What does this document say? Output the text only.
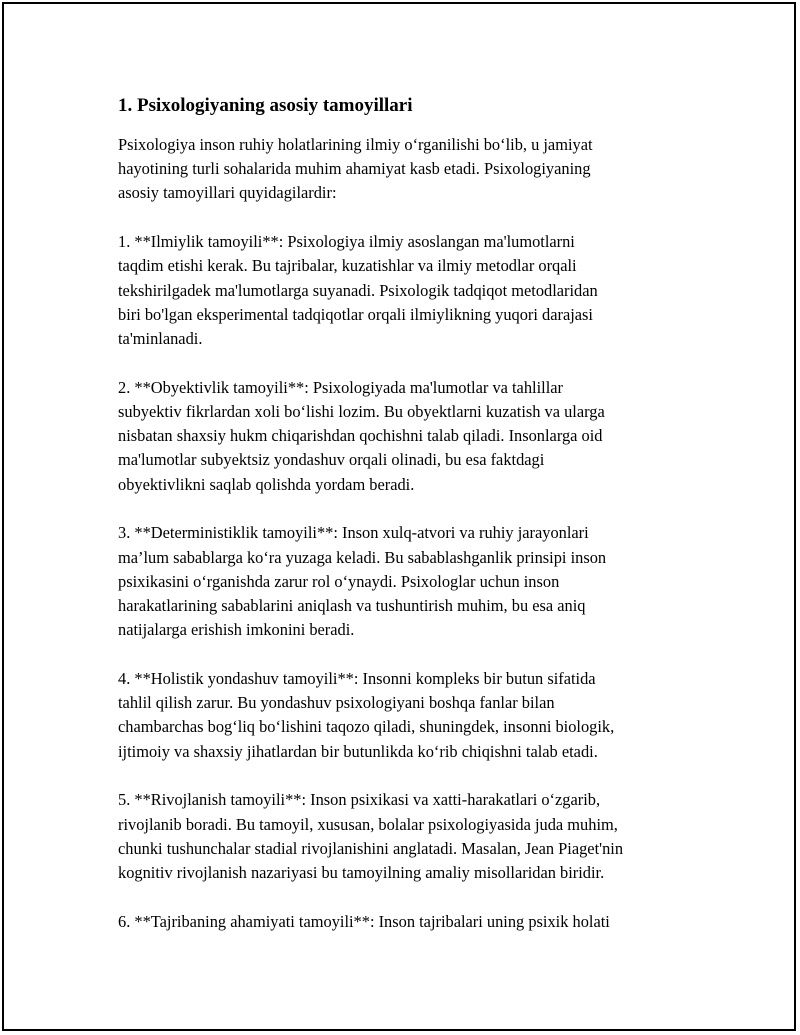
1. Psixologiyaning asosiy tamoyillari

Psixologiya inson ruhiy holatlarining ilmiy oʻrganilishi boʻlib, u jamiyat
hayotining turli sohalarida muhim ahamiyat kasb etadi. Psixologiyaning
asosiy tamoyillari quyidagilardir:

1. **Ilmiylik tamoyili**: Psixologiya ilmiy asoslangan ma'lumotlarni
taqdim etishi kerak. Bu tajribalar, kuzatishlar va ilmiy metodlar orqali
tekshirilgadek ma'lumotlarga suyanadi. Psixologik tadqiqot metodlaridan
biri bo'lgan eksperimental tadqiqotlar orqali ilmiylikning yuqori darajasi
ta'minlanadi.

2. **Obyektivlik tamoyili**: Psixologiyada ma'lumotlar va tahlillar
subyektiv fikrlardan xoli boʻlishi lozim. Bu obyektlarni kuzatish va ularga
nisbatan shaxsiy hukm chiqarishdan qochishni talab qiladi. Insonlarga oid
ma'lumotlar subyektsiz yondashuv orqali olinadi, bu esa faktdagi
obyektivlikni saqlab qolishda yordam beradi.

3. **Deterministiklik tamoyili**: Inson xulq-atvori va ruhiy jarayonlari
ma’lum sabablarga koʻra yuzaga keladi. Bu sabablashganlik prinsipi inson
psixikasini oʻrganishda zarur rol oʻynaydi. Psixologlar uchun inson
harakatlarining sabablarini aniqlash va tushuntirish muhim, bu esa aniq
natijalarga erishish imkonini beradi.

4. **Holistik yondashuv tamoyili**: Insonni kompleks bir butun sifatida
tahlil qilish zarur. Bu yondashuv psixologiyani boshqa fanlar bilan
chambarchas bogʻliq boʻlishini taqozo qiladi, shuningdek, insonni biologik,
ijtimoiy va shaxsiy jihatlardan bir butunlikda koʻrib chiqishni talab etadi.

5. **Rivojlanish tamoyili**: Inson psixikasi va xatti-harakatlari oʻzgarib,
rivojlanib boradi. Bu tamoyil, xususan, bolalar psixologiyasida juda muhim,
chunki tushunchalar stadial rivojlanishini anglatadi. Masalan, Jean Piaget'nin
kognitiv rivojlanish nazariyasi bu tamoyilning amaliy misollaridan biridir.

6. **Tajribaning ahamiyati tamoyili**: Inson tajribalari uning psixik holati
